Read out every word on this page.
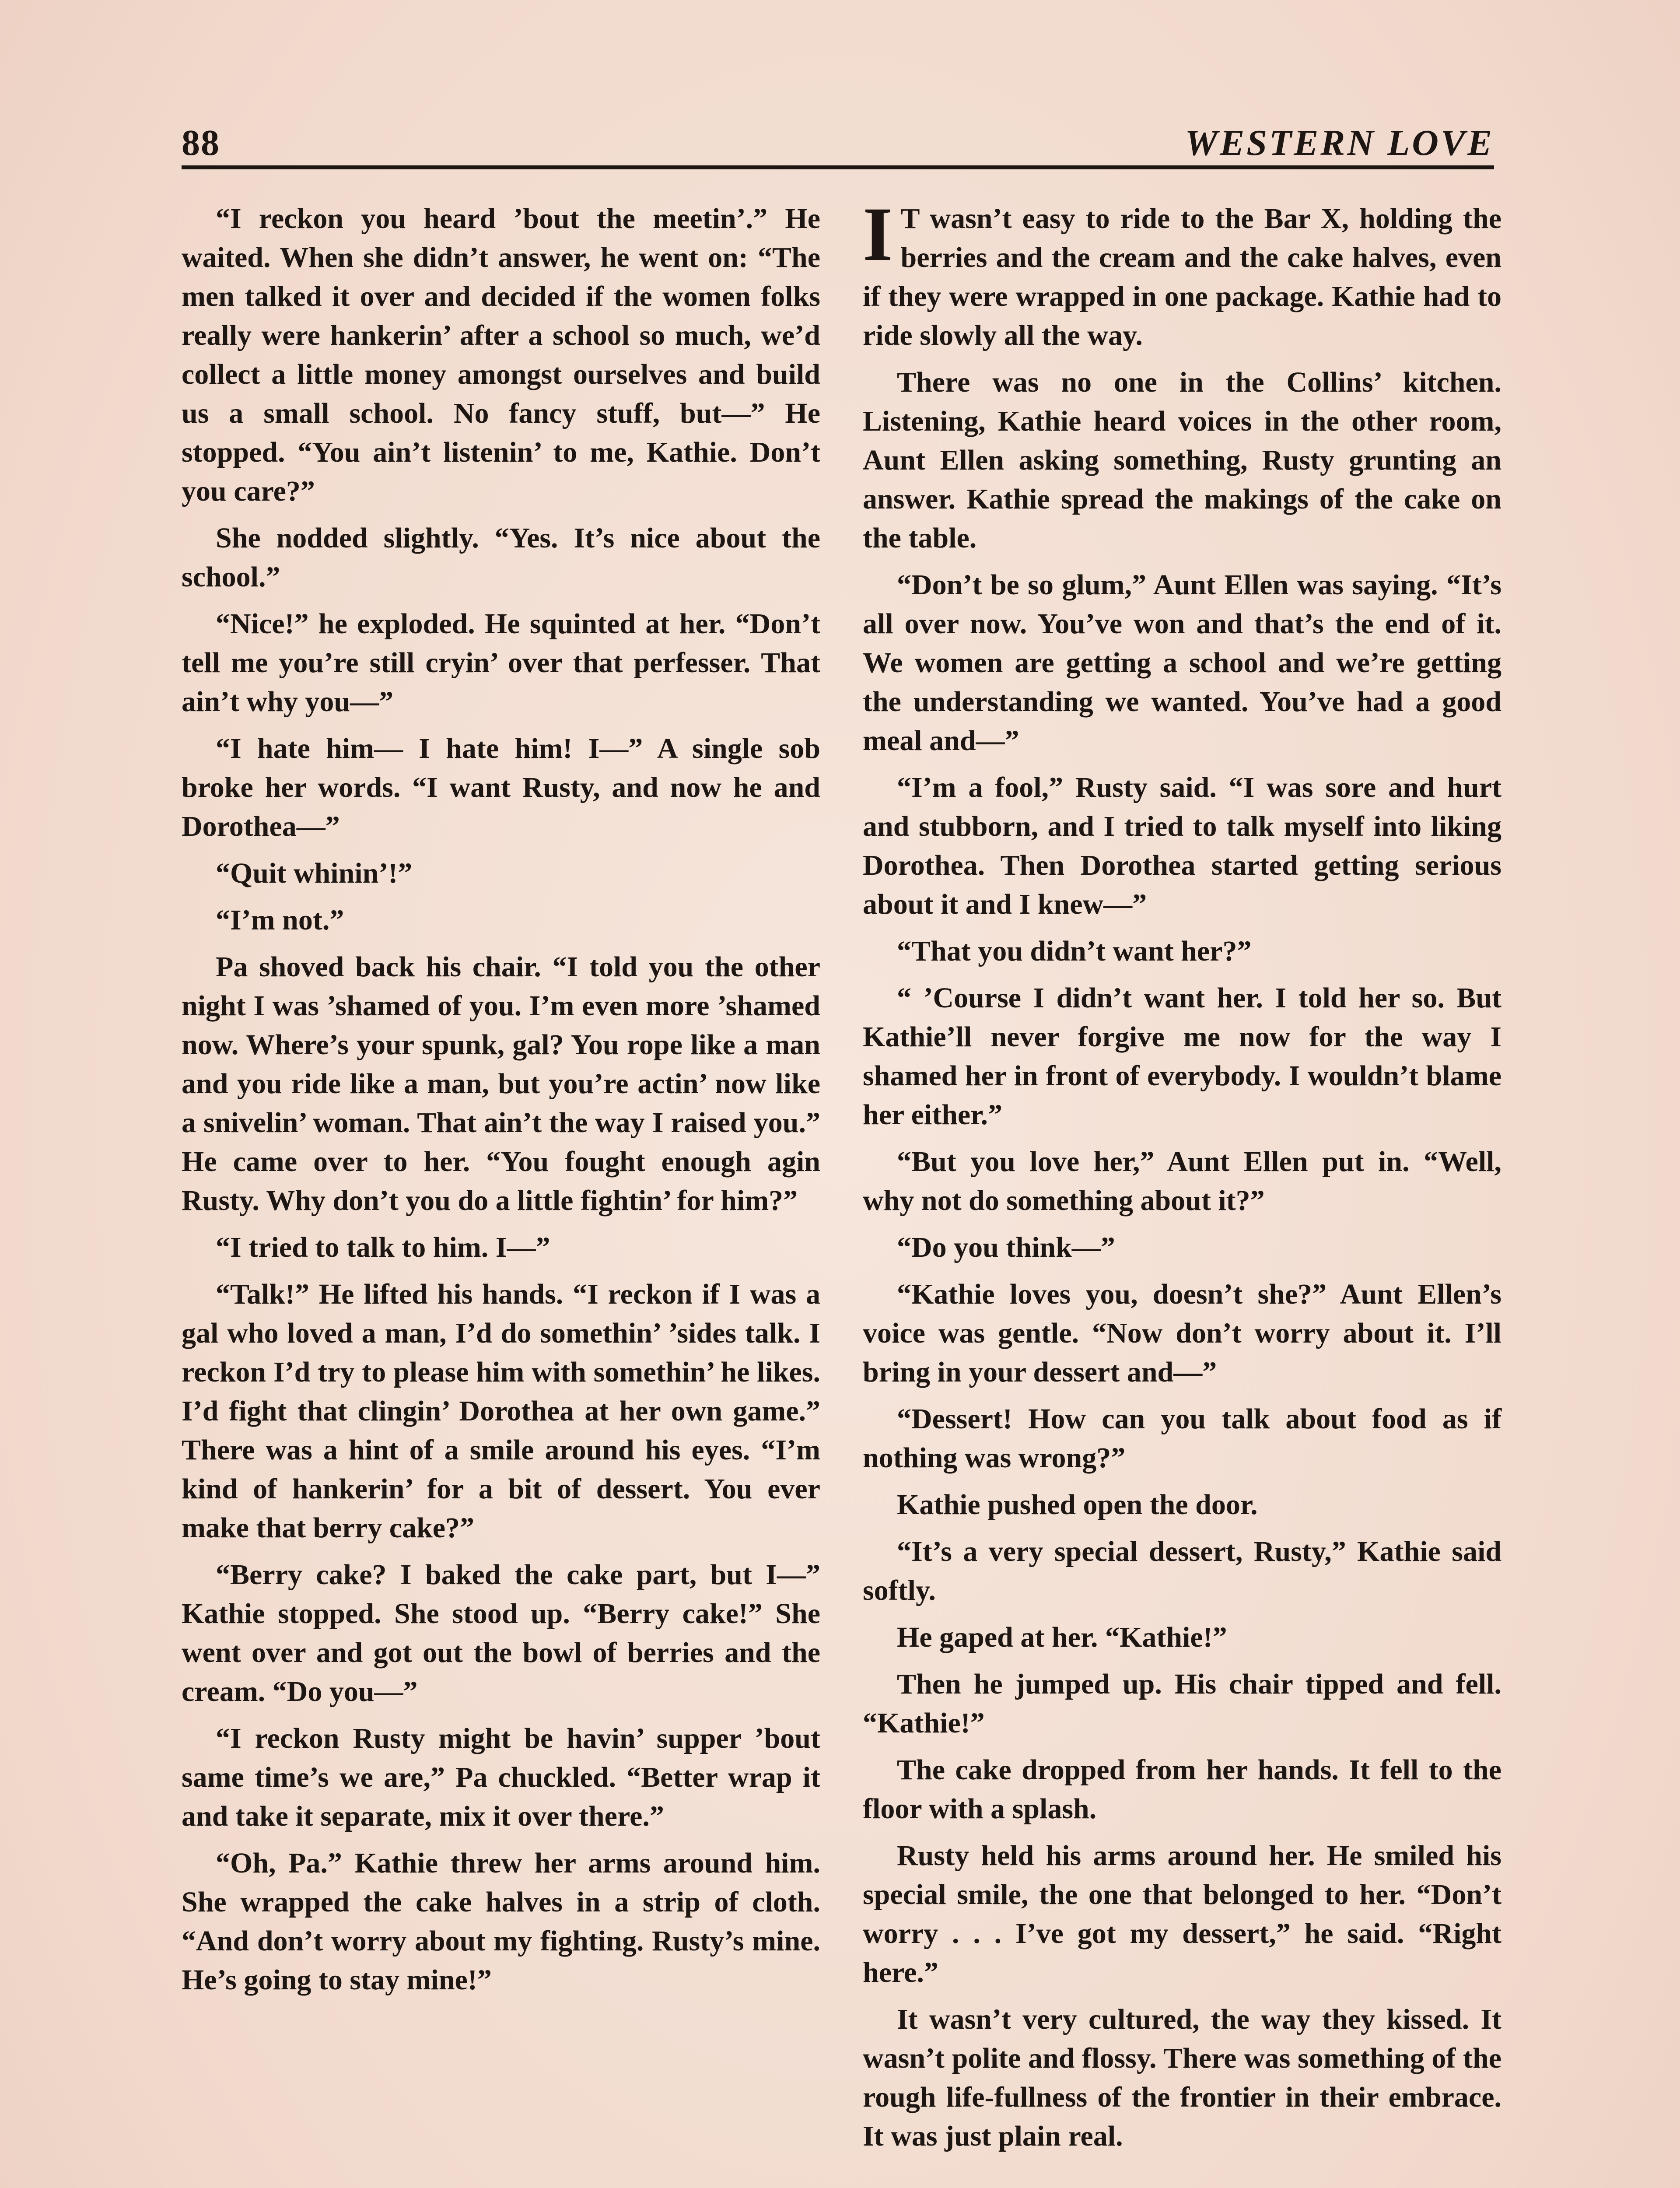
88	WESTERN LOVE

“I reckon you heard ’bout the meetin’.” He waited. When she didn’t answer, he went on: “The men talked it over and decided if the women folks really were hankerin’ after a school so much, we’d collect a little money amongst ourselves and build us a small school. No fancy stuff, but—” He stopped. “You ain’t listenin’ to me, Kathie. Don’t you care?”

She nodded slightly. “Yes. It’s nice about the school.”

“Nice!” he exploded. He squinted at her. “Don’t tell me you’re still cryin’ over that perfesser. That ain’t why you—”

“I hate him— I hate him! I—” A single sob broke her words. “I want Rusty, and now he and Dorothea—”

“Quit whinin’!”

“I’m not.”

Pa shoved back his chair. “I told you the other night I was ’shamed of you. I’m even more ’shamed now. Where’s your spunk, gal? You rope like a man and you ride like a man, but you’re actin’ now like a snivelin’ woman. That ain’t the way I raised you.” He came over to her. “You fought enough agin Rusty. Why don’t you do a little fightin’ for him?”

“I tried to talk to him. I—”

“Talk!” He lifted his hands. “I reckon if I was a gal who loved a man, I’d do somethin’ ’sides talk. I reckon I’d try to please him with somethin’ he likes. I’d fight that clingin’ Dorothea at her own game.” There was a hint of a smile around his eyes. “I’m kind of hankerin’ for a bit of dessert. You ever make that berry cake?”

“Berry cake? I baked the cake part, but I—” Kathie stopped. She stood up. “Berry cake!” She went over and got out the bowl of berries and the cream. “Do you—”

“I reckon Rusty might be havin’ supper ’bout same time’s we are,” Pa chuckled. “Better wrap it and take it separate, mix it over there.”

“Oh, Pa.” Kathie threw her arms around him. She wrapped the cake halves in a strip of cloth. “And don’t worry about my fighting. Rusty’s mine. He’s going to stay mine!”

I T wasn’t easy to ride to the Bar X, holding the berries and the cream and the cake halves, even if they were wrapped in one package. Kathie had to ride slowly all the way.

There was no one in the Collins’ kitchen. Listening, Kathie heard voices in the other room, Aunt Ellen asking something, Rusty grunting an answer. Kathie spread the makings of the cake on the table.

“Don’t be so glum,” Aunt Ellen was saying. “It’s all over now. You’ve won and that’s the end of it. We women are getting a school and we’re getting the understanding we wanted. You’ve had a good meal and—”

“I’m a fool,” Rusty said. “I was sore and hurt and stubborn, and I tried to talk myself into liking Dorothea. Then Dorothea started getting serious about it and I knew—”

“That you didn’t want her?”

“ ’Course I didn’t want her. I told her so. But Kathie’ll never forgive me now for the way I shamed her in front of everybody. I wouldn’t blame her either.”

“But you love her,” Aunt Ellen put in. “Well, why not do something about it?”

“Do you think—”

“Kathie loves you, doesn’t she?” Aunt Ellen’s voice was gentle. “Now don’t worry about it. I’ll bring in your dessert and—”

“Dessert! How can you talk about food as if nothing was wrong?”

Kathie pushed open the door.

“It’s a very special dessert, Rusty,” Kathie said softly.

He gaped at her. “Kathie!”

Then he jumped up. His chair tipped and fell. “Kathie!”

The cake dropped from her hands. It fell to the floor with a splash.

Rusty held his arms around her. He smiled his special smile, the one that belonged to her. “Don’t worry . . . I’ve got my dessert,” he said. “Right here.”

It wasn’t very cultured, the way they kissed. It wasn’t polite and flossy. There was something of the rough life-fullness of the frontier in their embrace. It was just plain real.
